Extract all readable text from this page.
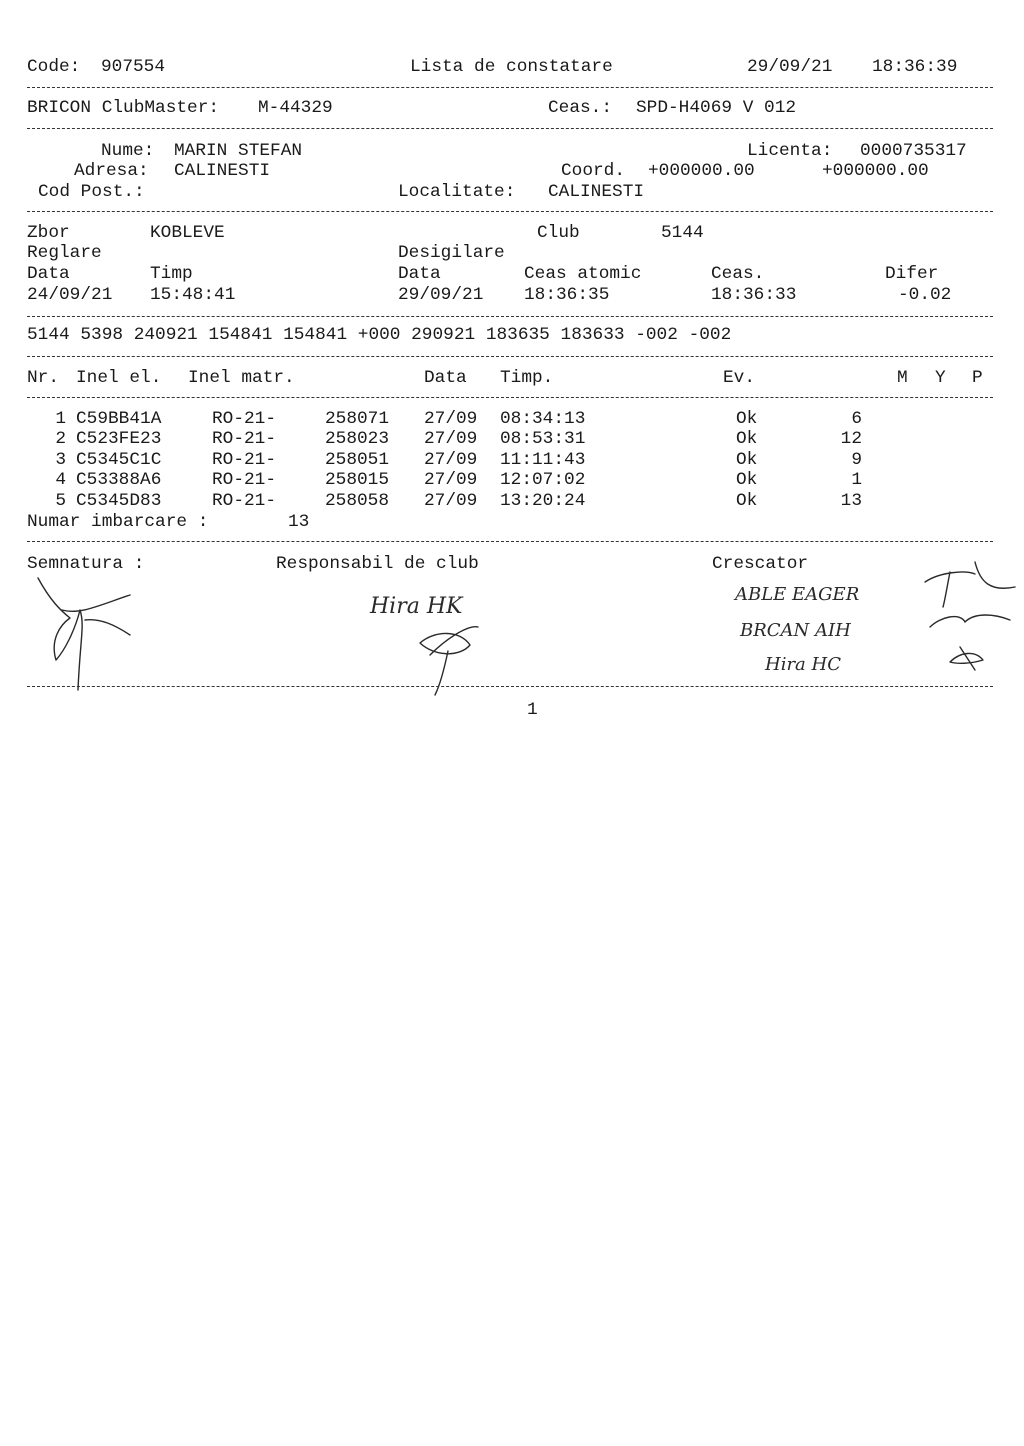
Code: 907554	Lista de constatare	29/09/21 18:36:39
BRICON ClubMaster: M-44329	Ceas.: SPD-H4069 V 012
Nume: MARIN STEFAN	Licenta: 0000735317
Adresa: CALINESTI	Coord. +000000.00	+000000.00
Cod Post.:	Localitate: CALINESTI
Zbor	KOBLEVE	Club	5144
Reglare	Desigilare
Data	Timp	Data	Ceas atomic	Ceas.	Difer
24/09/21 15:48:41	29/09/21 18:36:35	18:36:33	-0.02
5144 5398 240921 154841 154841 +000 290921 183635 183633 -002 -002
Nr. Inel el. Inel matr.	Data Timp.	Ev.	M Y P
1 C59BB41A	RO-21-	258071 27/09 08:34:13	Ok	6
2 C523FE23	RO-21-	258023 27/09 08:53:31	Ok	12
3 C5345C1C	RO-21-	258051 27/09 11:11:43	Ok	9
4 C53388A6	RO-21-	258015 27/09 12:07:02	Ok	1
5 C5345D83	RO-21-	258058 27/09 13:20:24	Ok	13
Numar imbarcare :	13
Semnatura :	Responsabil de club	Crescator
Hira HK	ABLE EAGER
BRCAN AIH
Hira HC
1
